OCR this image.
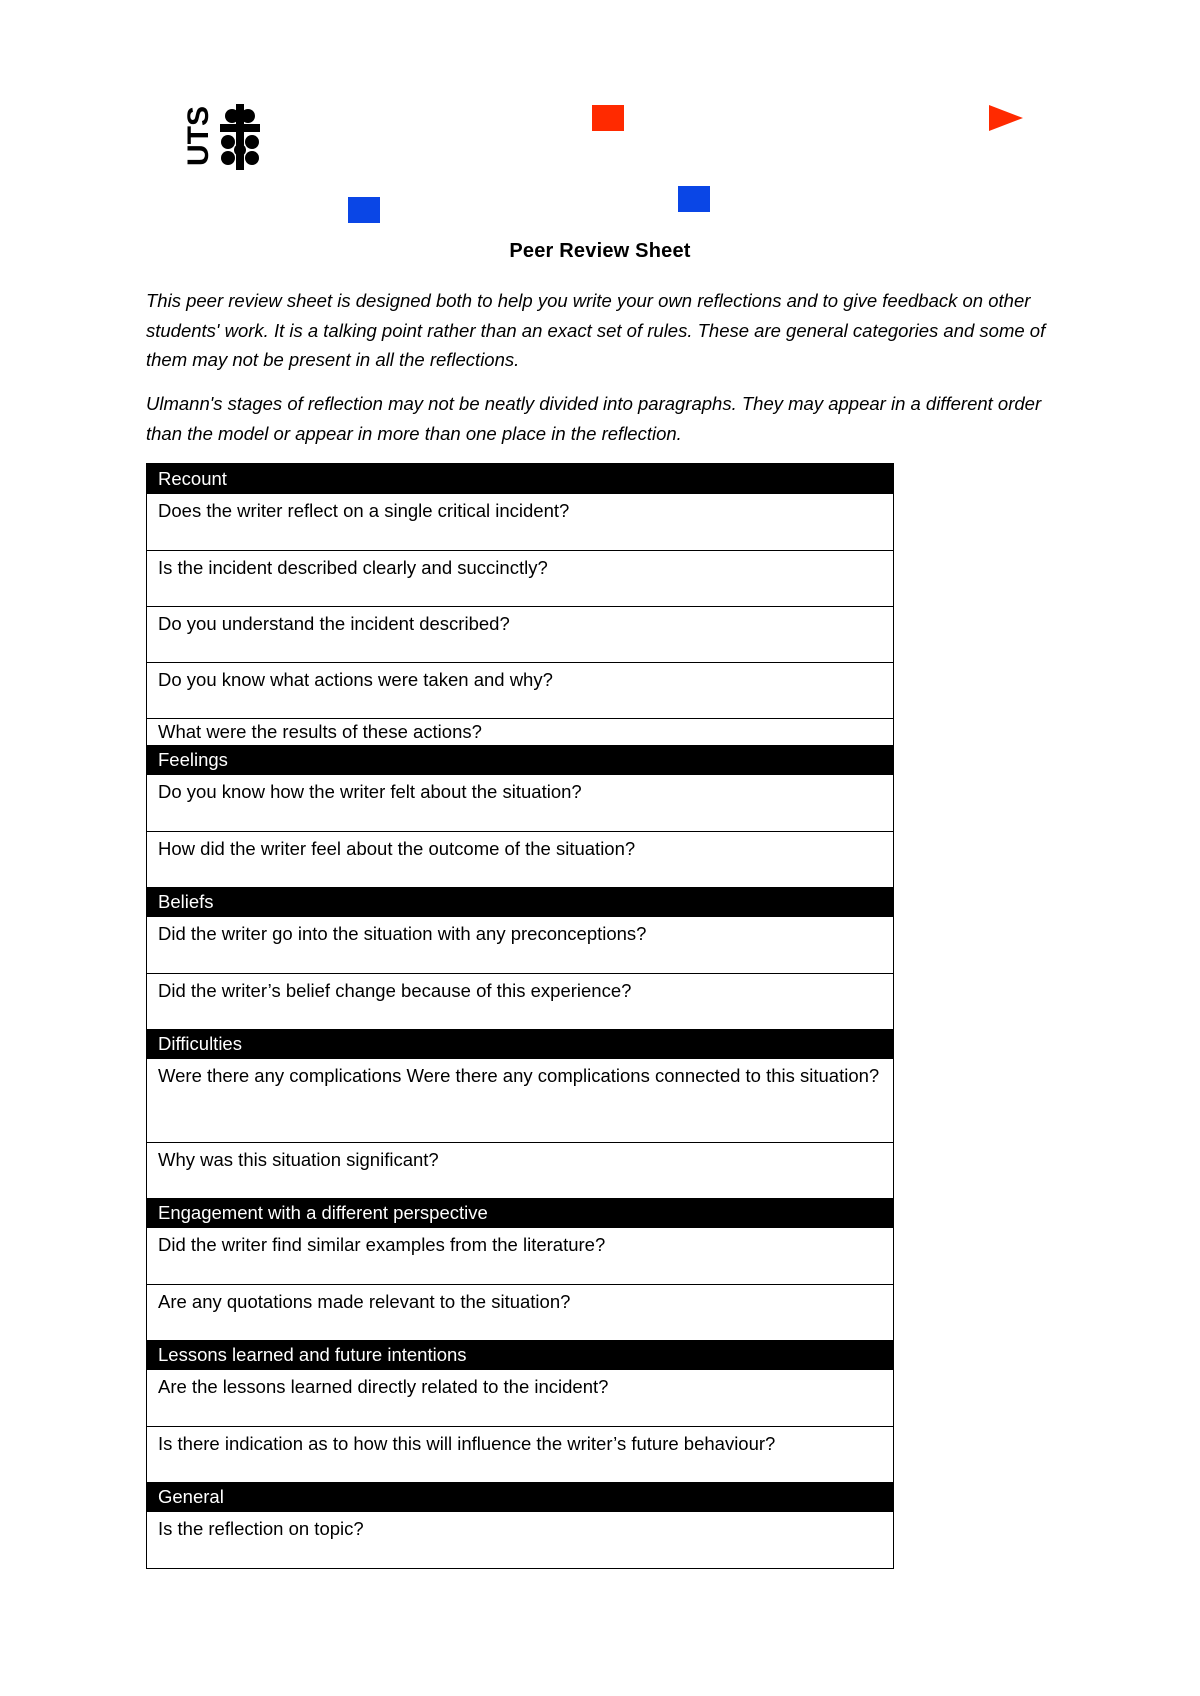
UTS
Peer Review Sheet
This peer review sheet is designed both to help you write your own reflections and to give feedback on other students' work. It is a talking point rather than an exact set of rules. These are general categories and some of them may not be present in all the reflections.
Ulmann's stages of reflection may not be neatly divided into paragraphs. They may appear in a different order than the model or appear in more than one place in the reflection.
Recount
Does the writer reflect on a single critical incident?
Is the incident described clearly and succinctly?
Do you understand the incident described?
Do you know what actions were taken and why?
What were the results of these actions?
Feelings
Do you know how the writer felt about the situation?
How did the writer feel about the outcome of the situation?
Beliefs
Did the writer go into the situation with any preconceptions?
Did the writer’s belief change because of this experience?
Difficulties
Were there any complications Were there any complications connected to this situation?
Why was this situation significant?
Engagement with a different perspective
Did the writer find similar examples from the literature?
Are any quotations made relevant to the situation?
Lessons learned and future intentions
Are the lessons learned directly related to the incident?
Is there indication as to how this will influence the writer’s future behaviour?
General
Is the reflection on topic?
